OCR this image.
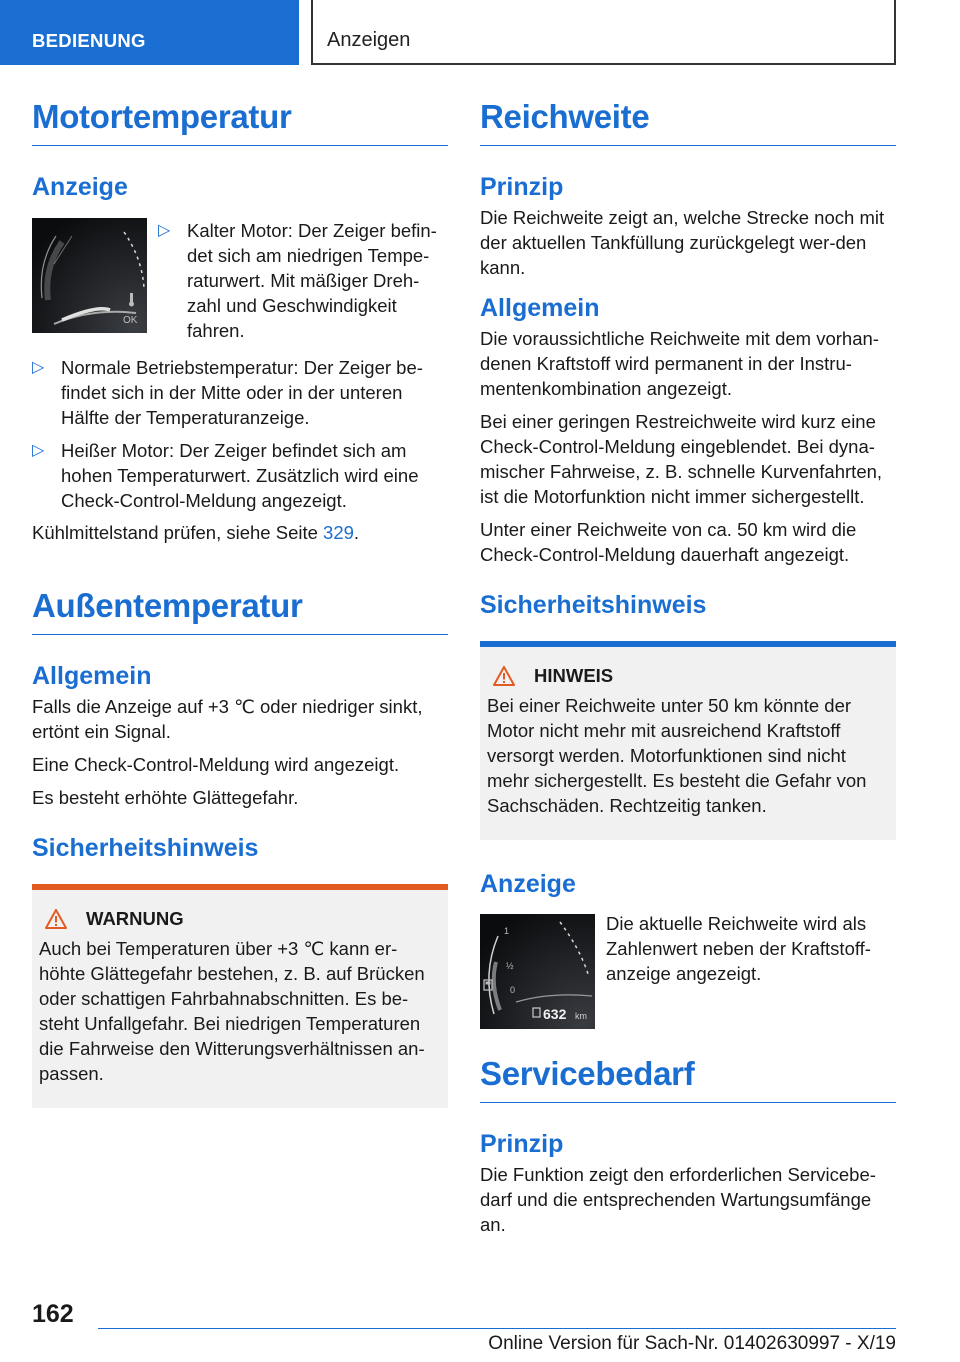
BEDIENUNG	Anzeigen
Motortemperatur
Anzeige
OK
▷ Kalter Motor: Der Zeiger befin-det sich am niedrigen Tempe-raturwert. Mit mäßiger Dreh-zahl und Geschwindigkeit fahren.
▷ Normale Betriebstemperatur: Der Zeiger be-findet sich in der Mitte oder in der unteren Hälfte der Temperaturanzeige.
▷ Heißer Motor: Der Zeiger befindet sich am hohen Temperaturwert. Zusätzlich wird eine Check-Control-Meldung angezeigt.

Kühlmittelstand prüfen, siehe Seite 329.

Außentemperatur
Allgemein

Falls die Anzeige auf +3 ℃ oder niedriger sinkt, ertönt ein Signal.

Eine Check-Control-Meldung wird angezeigt.

Es besteht erhöhte Glättegefahr.

Sicherheitshinweis
WARNUNG

Auch bei Temperaturen über +3 ℃ kann er-höhte Glättegefahr bestehen, z. B. auf Brücken oder schattigen Fahrbahnabschnitten. Es be-steht Unfallgefahr. Bei niedrigen Temperaturen die Fahrweise den Witterungsverhältnissen an-passen.

Reichweite
Prinzip

Die Reichweite zeigt an, welche Strecke noch mit der aktuellen Tankfüllung zurückgelegt wer-den kann.

Allgemein

Die voraussichtliche Reichweite mit dem vorhan-denen Kraftstoff wird permanent in der Instru-mentenkombination angezeigt.

Bei einer geringen Restreichweite wird kurz eine Check-Control-Meldung eingeblendet. Bei dyna-mischer Fahrweise, z. B. schnelle Kurvenfahrten, ist die Motorfunktion nicht immer sichergestellt.

Unter einer Reichweite von ca. 50 km wird die Check-Control-Meldung dauerhaft angezeigt.

Sicherheitshinweis
HINWEIS

Bei einer Reichweite unter 50 km könnte der Motor nicht mehr mit ausreichend Kraftstoff versorgt werden. Motorfunktionen sind nicht mehr sichergestellt. Es besteht die Gefahr von Sachschäden. Rechtzeitig tanken.

Anzeige
1
½
0
632 km

Die aktuelle Reichweite wird als Zahlenwert neben der Kraftstoff-anzeige angezeigt.

Servicebedarf
Prinzip

Die Funktion zeigt den erforderlichen Servicebe-darf und die entsprechenden Wartungsumfänge an.

162
Online Version für Sach-Nr. 01402630997 - X/19
